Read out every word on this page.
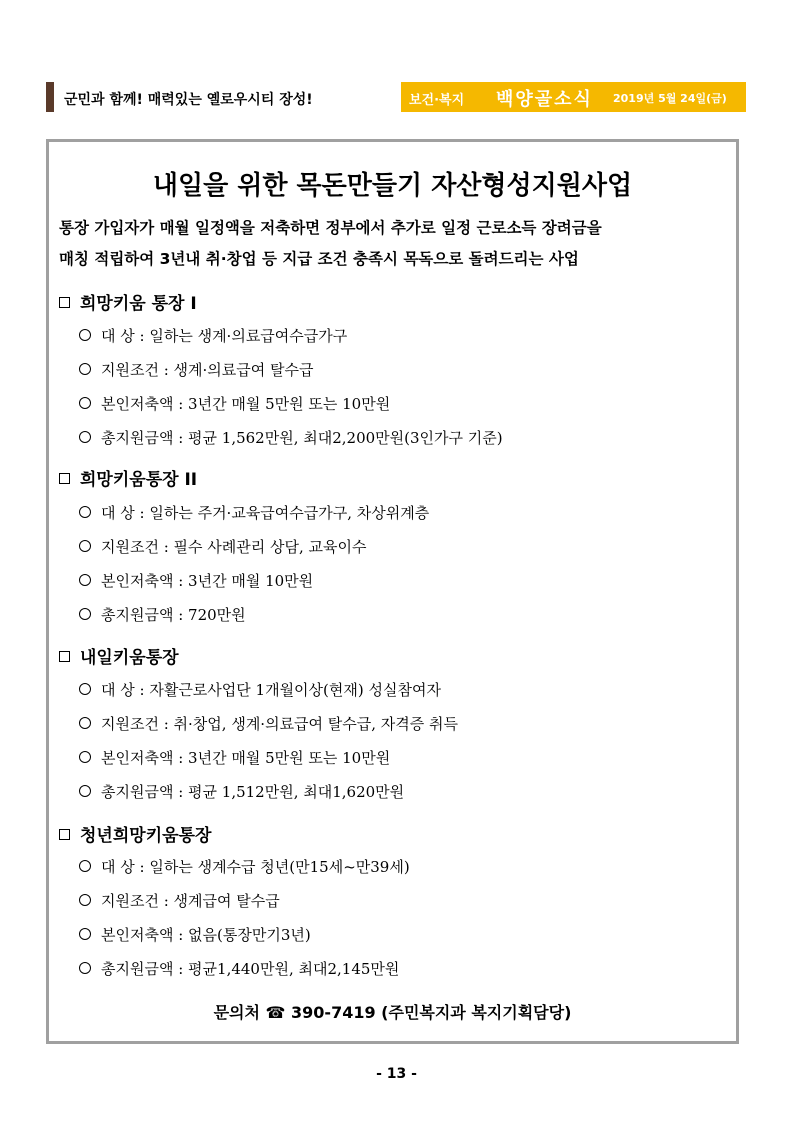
군민과 함께! 매력있는 옐로우시티 장성!	보건·복지 백양골소식 2019년 5월 24일(금)
내일을 위한 목돈만들기 자산형성지원사업
통장 가입자가 매월 일정액을 저축하면 정부에서 추가로 일정 근로소득 장려금을
매칭 적립하여 3년내 취·창업 등 지급 조건 충족시 목독으로 돌려드리는 사업
희망키움 통장 I
대 상 : 일하는 생계·의료급여수급가구
지원조건 : 생계·의료급여 탈수급
본인저축액 : 3년간 매월 5만원 또는 10만원
총지원금액 : 평균 1,562만원, 최대2,200만원(3인가구 기준)
희망키움통장 II
대 상 : 일하는 주거·교육급여수급가구, 차상위계층
지원조건 : 필수 사례관리 상담, 교육이수
본인저축액 : 3년간 매월 10만원
총지원금액 : 720만원
내일키움통장
대 상 : 자활근로사업단 1개월이상(현재) 성실참여자
지원조건 : 취·창업, 생계·의료급여 탈수급, 자격증 취득
본인저축액 : 3년간 매월 5만원 또는 10만원
총지원금액 : 평균 1,512만원, 최대1,620만원
청년희망키움통장
대 상 : 일하는 생계수급 청년(만15세~만39세)
지원조건 : 생계급여 탈수급
본인저축액 : 없음(통장만기3년)
총지원금액 : 평균1,440만원, 최대2,145만원
문의처 ☎ 390-7419 (주민복지과 복지기획담당)
- 13 -
